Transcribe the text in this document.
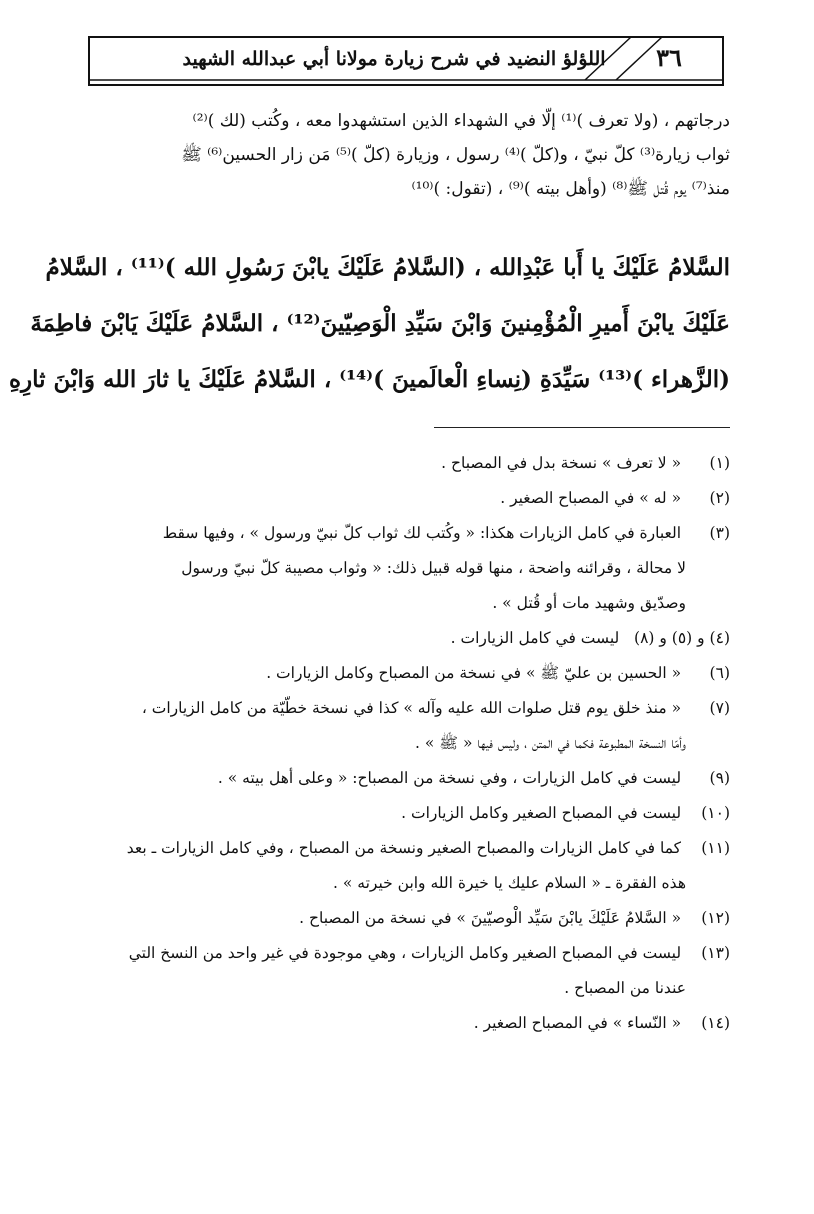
اللؤلؤ النضيد في شرح زيارة مولانا أبي عبدالله الشهيد	٣٦
درجاتهم ، (ولا تعرف )⁽¹⁾ إلّا في الشهداء الذين استشهدوا معه ، وكُتب (لك )⁽²⁾
ثواب زيارة⁽³⁾ كلّ نبيّ ، و(كلّ )⁽⁴⁾ رسول ، وزيارة (كلّ )⁽⁵⁾ مَن زار الحسين⁽⁶⁾ ﷺ
منذ⁽⁷⁾ يوم قُتل ﷺ⁽⁸⁾ (وأهل بيته )⁽⁹⁾ ، (تقول: )⁽¹⁰⁾
السَّلامُ عَلَيْكَ يا أَبا عَبْدِالله ، (السَّلامُ عَلَيْكَ يابْنَ رَسُولِ الله )⁽¹¹⁾ ، السَّلامُ
عَلَيْكَ يابْنَ أَميرِ الْمُؤْمِنينَ وَابْنَ سَيِّدِ الْوَصِيّينَ⁽¹²⁾ ، السَّلامُ عَلَيْكَ يَابْنَ فاطِمَةَ
(الزَّهراء )⁽¹³⁾ سَيِّدَةِ (نِساءِ الْعالَمينَ )⁽¹⁴⁾ ، السَّلامُ عَلَيْكَ يا ثارَ الله وَابْنَ ثارِهِ
(١) « لا تعرف » نسخة بدل في المصباح .
(٢) « له » في المصباح الصغير .
(٣) العبارة في كامل الزيارات هكذا: « وكُتب لك ثواب كلّ نبيّ ورسول » ، وفيها سقط
لا محالة ، وقرائنه واضحة ، منها قوله قبيل ذلك: « وثواب مصيبة كلّ نبيّ ورسول
وصدّيق وشهيد مات أو قُتل » .
(٤) و (٥) و (٨)   ليست في كامل الزيارات .
(٦) « الحسين بن عليّ ﷺ » في نسخة من المصباح وكامل الزيارات .
(٧) « منذ خلق يوم قتل صلوات الله عليه وآله » كذا في نسخة خطّيّة من كامل الزيارات ،
وأمّا النسخة المطبوعة فكما في المتن ، وليس فيها « ﷺ » .
(٩) ليست في كامل الزيارات ، وفي نسخة من المصباح: « وعلى أهل بيته » .
(١٠) ليست في المصباح الصغير وكامل الزيارات .
(١١) كما في كامل الزيارات والمصباح الصغير ونسخة من المصباح ، وفي كامل الزيارات ـ بعد
هذه الفقرة ـ « السلام عليك يا خيرة الله وابن خيرته » .
(١٢) « السَّلامُ عَلَيْكَ يابْنَ سَيِّد الْوصيّينَ » في نسخة من المصباح .
(١٣) ليست في المصباح الصغير وكامل الزيارات ، وهي موجودة في غير واحد من النسخ التي
عندنا من المصباح .
(١٤) « النّساء » في المصباح الصغير .
